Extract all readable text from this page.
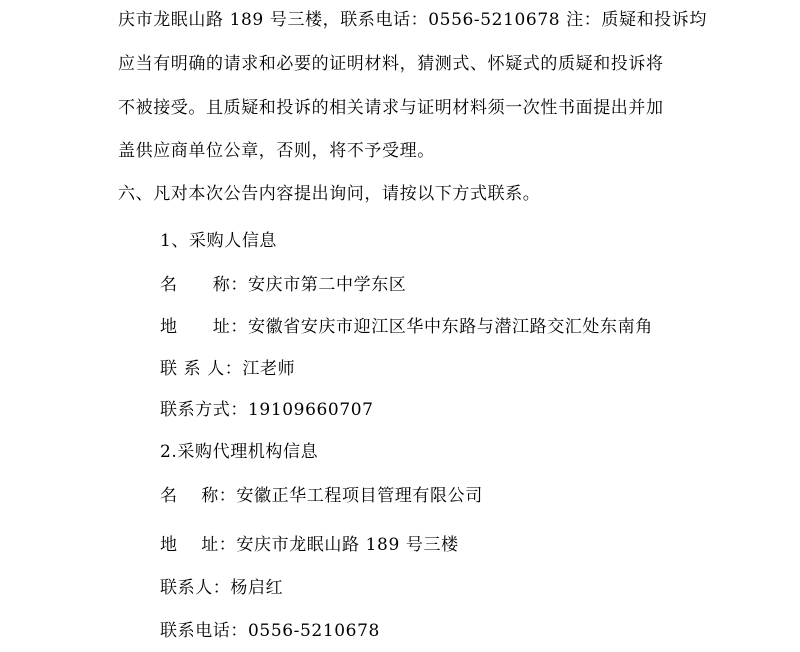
庆市龙眠山路 189 号三楼，联系电话：0556-5210678 注：质疑和投诉均
应当有明确的请求和必要的证明材料，猜测式、怀疑式的质疑和投诉将
不被接受。且质疑和投诉的相关请求与证明材料须一次性书面提出并加
盖供应商单位公章，否则，将不予受理。
六、凡对本次公告内容提出询问，请按以下方式联系。
1、采购人信息
名　　称：安庆市第二中学东区
地　　址：安徽省安庆市迎江区华中东路与潜江路交汇处东南角
联 系 人：江老师
联系方式：19109660707
2.采购代理机构信息
名　 称：安徽正华工程项目管理有限公司
地　 址：安庆市龙眠山路 189 号三楼
联系人：杨启红
联系电话：0556-5210678
